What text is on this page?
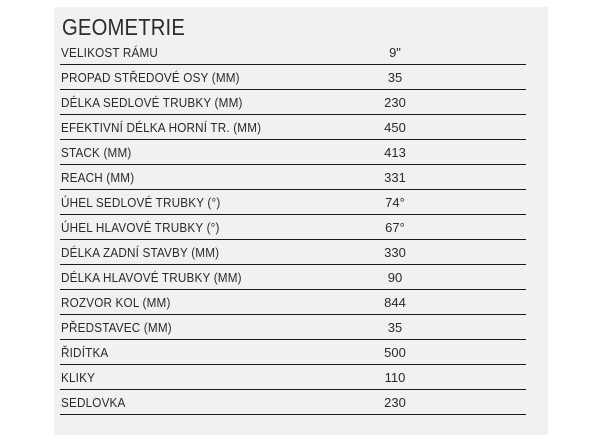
GEOMETRIE
VELIKOST RÁMU	9"
PROPAD STŘEDOVÉ OSY (MM)	35
DÉLKA SEDLOVÉ TRUBKY (MM)	230
EFEKTIVNÍ DÉLKA HORNÍ TR. (MM)	450
STACK (MM)	413
REACH (MM)	331
ÚHEL SEDLOVÉ TRUBKY (°)	74°
ÚHEL HLAVOVÉ TRUBKY (°)	67°
DÉLKA ZADNÍ STAVBY (MM)	330
DÉLKA HLAVOVÉ TRUBKY (MM)	90
ROZVOR KOL (MM)	844
PŘEDSTAVEC (MM)	35
ŘIDÍTKA	500
KLIKY	110
SEDLOVKA	230
